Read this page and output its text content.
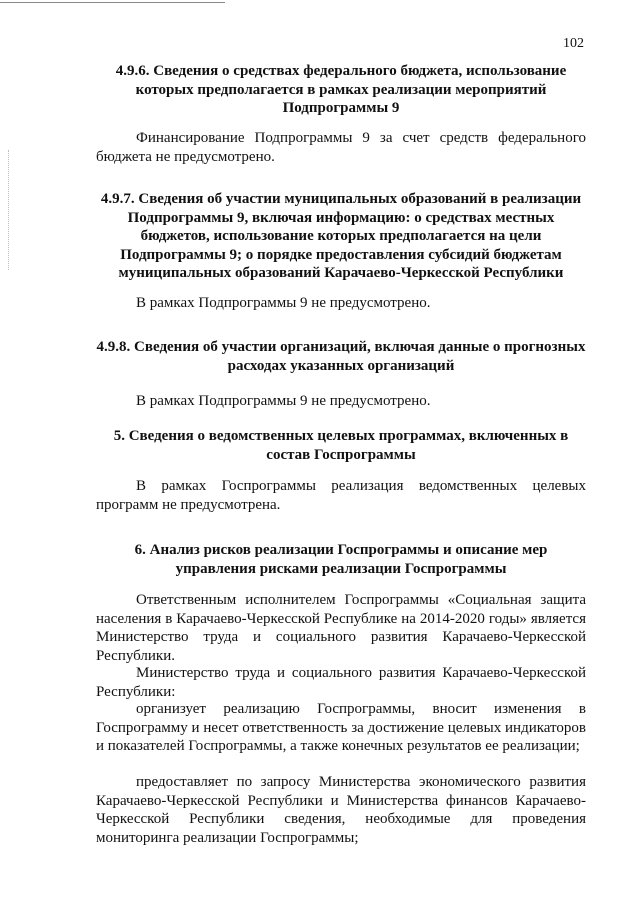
102
4.9.6. Сведения о средствах федерального бюджета, использование которых предполагается в рамках реализации мероприятий Подпрограммы 9
Финансирование Подпрограммы 9 за счет средств федерального бюджета не предусмотрено.
4.9.7. Сведения об участии муниципальных образований в реализации Подпрограммы 9, включая информацию: о средствах местных бюджетов, использование которых предполагается на цели Подпрограммы 9; о порядке предоставления субсидий бюджетам муниципальных образований Карачаево-Черкесской Республики
В рамках Подпрограммы 9 не предусмотрено.
4.9.8. Сведения об участии организаций, включая данные о прогнозных расходах указанных организаций
В рамках Подпрограммы 9 не предусмотрено.
5. Сведения о ведомственных целевых программах, включенных в состав Госпрограммы
В рамках Госпрограммы реализация ведомственных целевых программ не предусмотрена.
6. Анализ рисков реализации Госпрограммы и описание мер управления рисками реализации Госпрограммы
Ответственным исполнителем Госпрограммы «Социальная защита населения в Карачаево-Черкесской Республике на 2014-2020 годы» является Министерство труда и социального развития Карачаево-Черкесской Республики.
Министерство труда и социального развития Карачаево-Черкесской Республики:
организует реализацию Госпрограммы, вносит изменения в Госпрограмму и несет ответственность за достижение целевых индикаторов и показателей Госпрограммы, а также конечных результатов ее реализации;
предоставляет по запросу Министерства экономического развития Карачаево-Черкесской Республики и Министерства финансов Карачаево-Черкесской Республики сведения, необходимые для проведения мониторинга реализации Госпрограммы;
